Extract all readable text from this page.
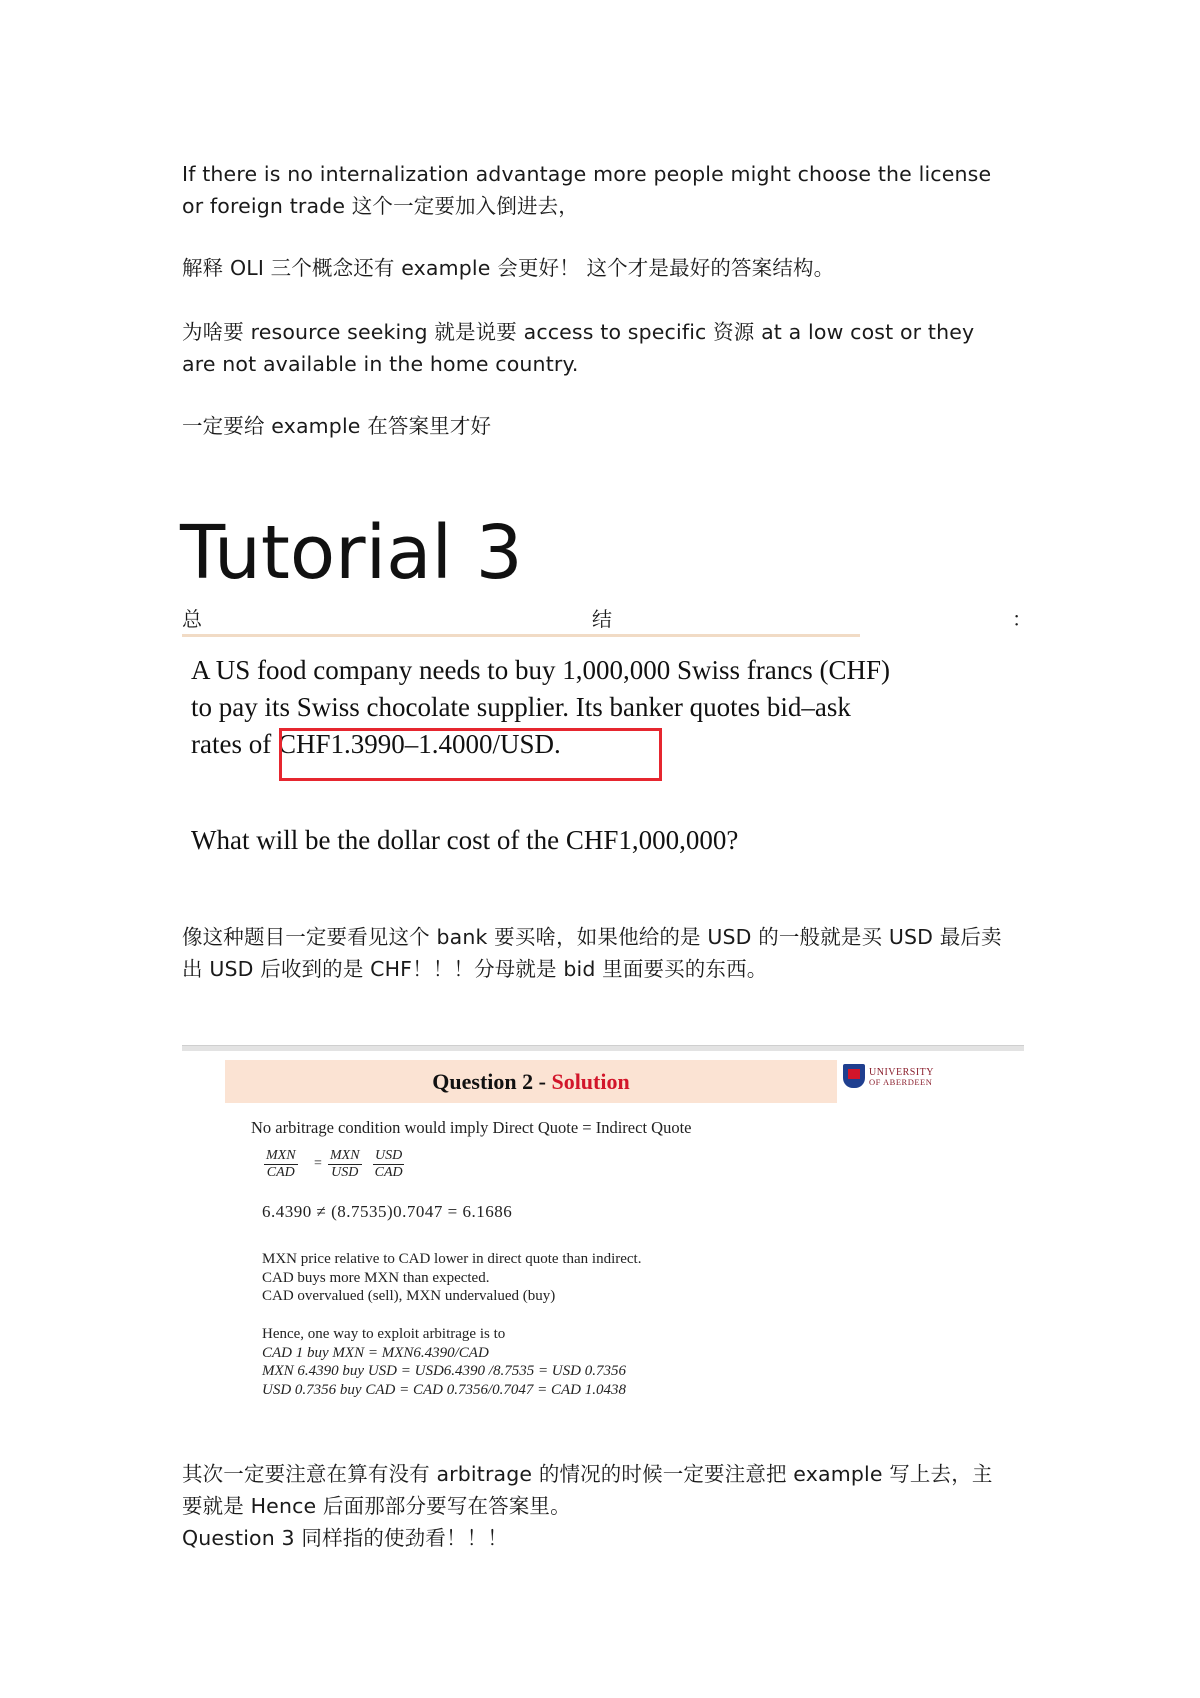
If there is no internalization advantage more people might choose the license
or foreign trade 这个一定要加入倒进去，
解释 OLI 三个概念还有 example 会更好！ 这个才是最好的答案结构。
为啥要 resource seeking 就是说要 access to specific 资源 at a low cost or they
are not available in the home country.
一定要给 example 在答案里才好
Tutorial 3
总	结	：
A US food company needs to buy 1,000,000 Swiss francs (CHF)
to pay its Swiss chocolate supplier. Its banker quotes bid–ask
rates of CHF1.3990–1.4000/USD.
What will be the dollar cost of the CHF1,000,000?
像这种题目一定要看见这个 bank 要买啥，如果他给的是 USD 的一般就是买 USD 最后卖
出 USD 后收到的是 CHF！！！分母就是 bid 里面要买的东西。
Question 2 - Solution	UNIVERSITY
OF ABERDEEN
No arbitrage condition would imply Direct Quote = Indirect Quote
MXN
CAD
=
MXN
USD
USD
CAD
6.4390 ≠ (8.7535)0.7047 = 6.1686
MXN price relative to CAD lower in direct quote than indirect.
CAD buys more MXN than expected.
CAD overvalued (sell), MXN undervalued (buy)
Hence, one way to exploit arbitrage is to
CAD 1 buy MXN = MXN6.4390/CAD
MXN 6.4390 buy USD = USD6.4390 /8.7535 = USD 0.7356
USD 0.7356 buy CAD = CAD 0.7356/0.7047 = CAD 1.0438
其次一定要注意在算有没有 arbitrage 的情况的时候一定要注意把 example 写上去，主
要就是 Hence 后面那部分要写在答案里。
Question 3 同样指的使劲看！！！
